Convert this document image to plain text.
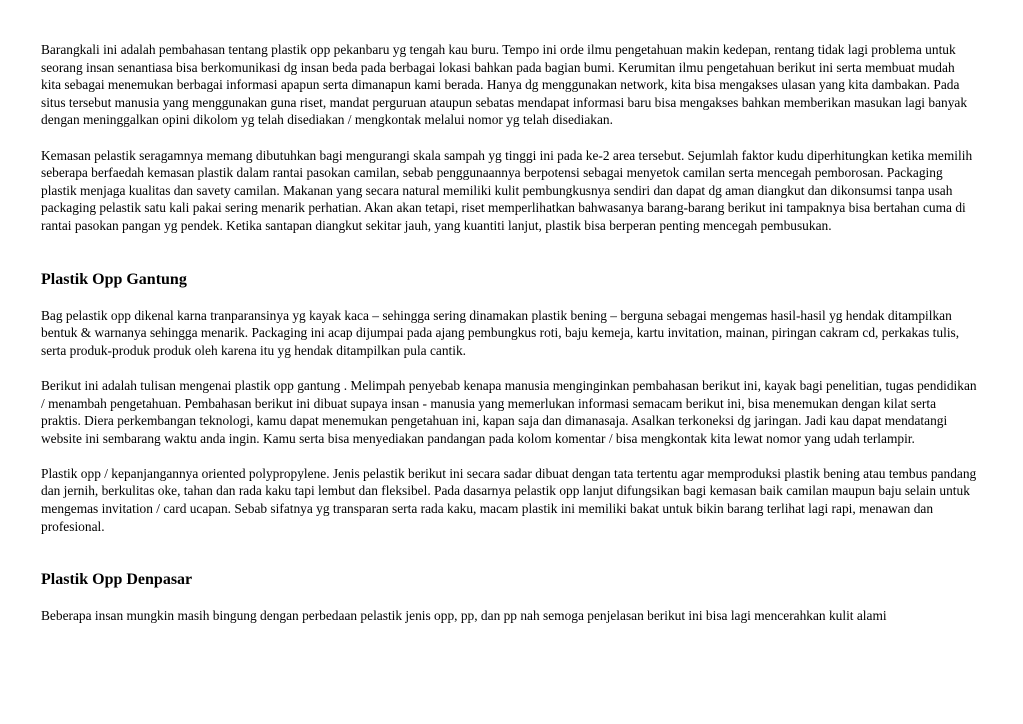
Barangkali ini adalah pembahasan tentang plastik opp pekanbaru yg tengah kau buru. Tempo ini orde ilmu pengetahuan makin kedepan, rentang tidak lagi problema untuk seorang insan senantiasa bisa berkomunikasi dg insan beda pada berbagai lokasi bahkan pada bagian bumi. Kerumitan ilmu pengetahuan berikut ini serta membuat mudah kita sebagai menemukan berbagai informasi apapun serta dimanapun kami berada. Hanya dg menggunakan network, kita bisa mengakses ulasan yang kita dambakan. Pada situs tersebut manusia yang menggunakan guna riset, mandat perguruan ataupun sebatas mendapat informasi baru bisa mengakses bahkan memberikan masukan lagi banyak dengan meninggalkan opini dikolom yg telah disediakan / mengkontak melalui nomor yg telah disediakan.

Kemasan pelastik seragamnya memang dibutuhkan bagi mengurangi skala sampah yg tinggi ini pada ke-2 area tersebut. Sejumlah faktor kudu diperhitungkan ketika memilih seberapa berfaedah kemasan plastik dalam rantai pasokan camilan, sebab penggunaannya berpotensi sebagai menyetok camilan serta mencegah pemborosan. Packaging plastik menjaga kualitas dan savety camilan. Makanan yang secara natural memiliki kulit pembungkusnya sendiri dan dapat dg aman diangkut dan dikonsumsi tanpa usah packaging pelastik satu kali pakai sering menarik perhatian. Akan akan tetapi, riset memperlihatkan bahwasanya barang-barang berikut ini tampaknya bisa bertahan cuma di rantai pasokan pangan yg pendek. Ketika santapan diangkut sekitar jauh, yang kuantiti lanjut, plastik bisa berperan penting mencegah pembusukan.

Plastik Opp Gantung

Bag pelastik opp dikenal karna tranparansinya yg kayak kaca – sehingga sering dinamakan plastik bening – berguna sebagai mengemas hasil-hasil yg hendak ditampilkan bentuk & warnanya sehingga menarik. Packaging ini acap dijumpai pada ajang pembungkus roti, baju kemeja, kartu invitation, mainan, piringan cakram cd, perkakas tulis, serta produk-produk produk oleh karena itu yg hendak ditampilkan pula cantik.

Berikut ini adalah tulisan mengenai plastik opp gantung . Melimpah penyebab kenapa manusia menginginkan pembahasan berikut ini, kayak bagi penelitian, tugas pendidikan / menambah pengetahuan. Pembahasan berikut ini dibuat supaya insan - manusia yang memerlukan informasi semacam berikut ini, bisa menemukan dengan kilat serta praktis. Diera perkembangan teknologi, kamu dapat menemukan pengetahuan ini, kapan saja dan dimanasaja. Asalkan terkoneksi dg jaringan. Jadi kau dapat mendatangi website ini sembarang waktu anda ingin. Kamu serta bisa menyediakan pandangan pada kolom komentar / bisa mengkontak kita lewat nomor yang udah terlampir.

Plastik opp / kepanjangannya oriented polypropylene. Jenis pelastik berikut ini secara sadar dibuat dengan tata tertentu agar memproduksi plastik bening atau tembus pandang dan jernih, berkulitas oke, tahan dan rada kaku tapi lembut dan fleksibel. Pada dasarnya pelastik opp lanjut difungsikan bagi kemasan baik camilan maupun baju selain untuk mengemas invitation / card ucapan. Sebab sifatnya yg transparan serta rada kaku, macam plastik ini memiliki bakat untuk bikin barang terlihat lagi rapi, menawan dan profesional.

Plastik Opp Denpasar

Beberapa insan mungkin masih bingung dengan perbedaan pelastik jenis opp, pp, dan pp nah semoga penjelasan berikut ini bisa lagi mencerahkan kulit alami
